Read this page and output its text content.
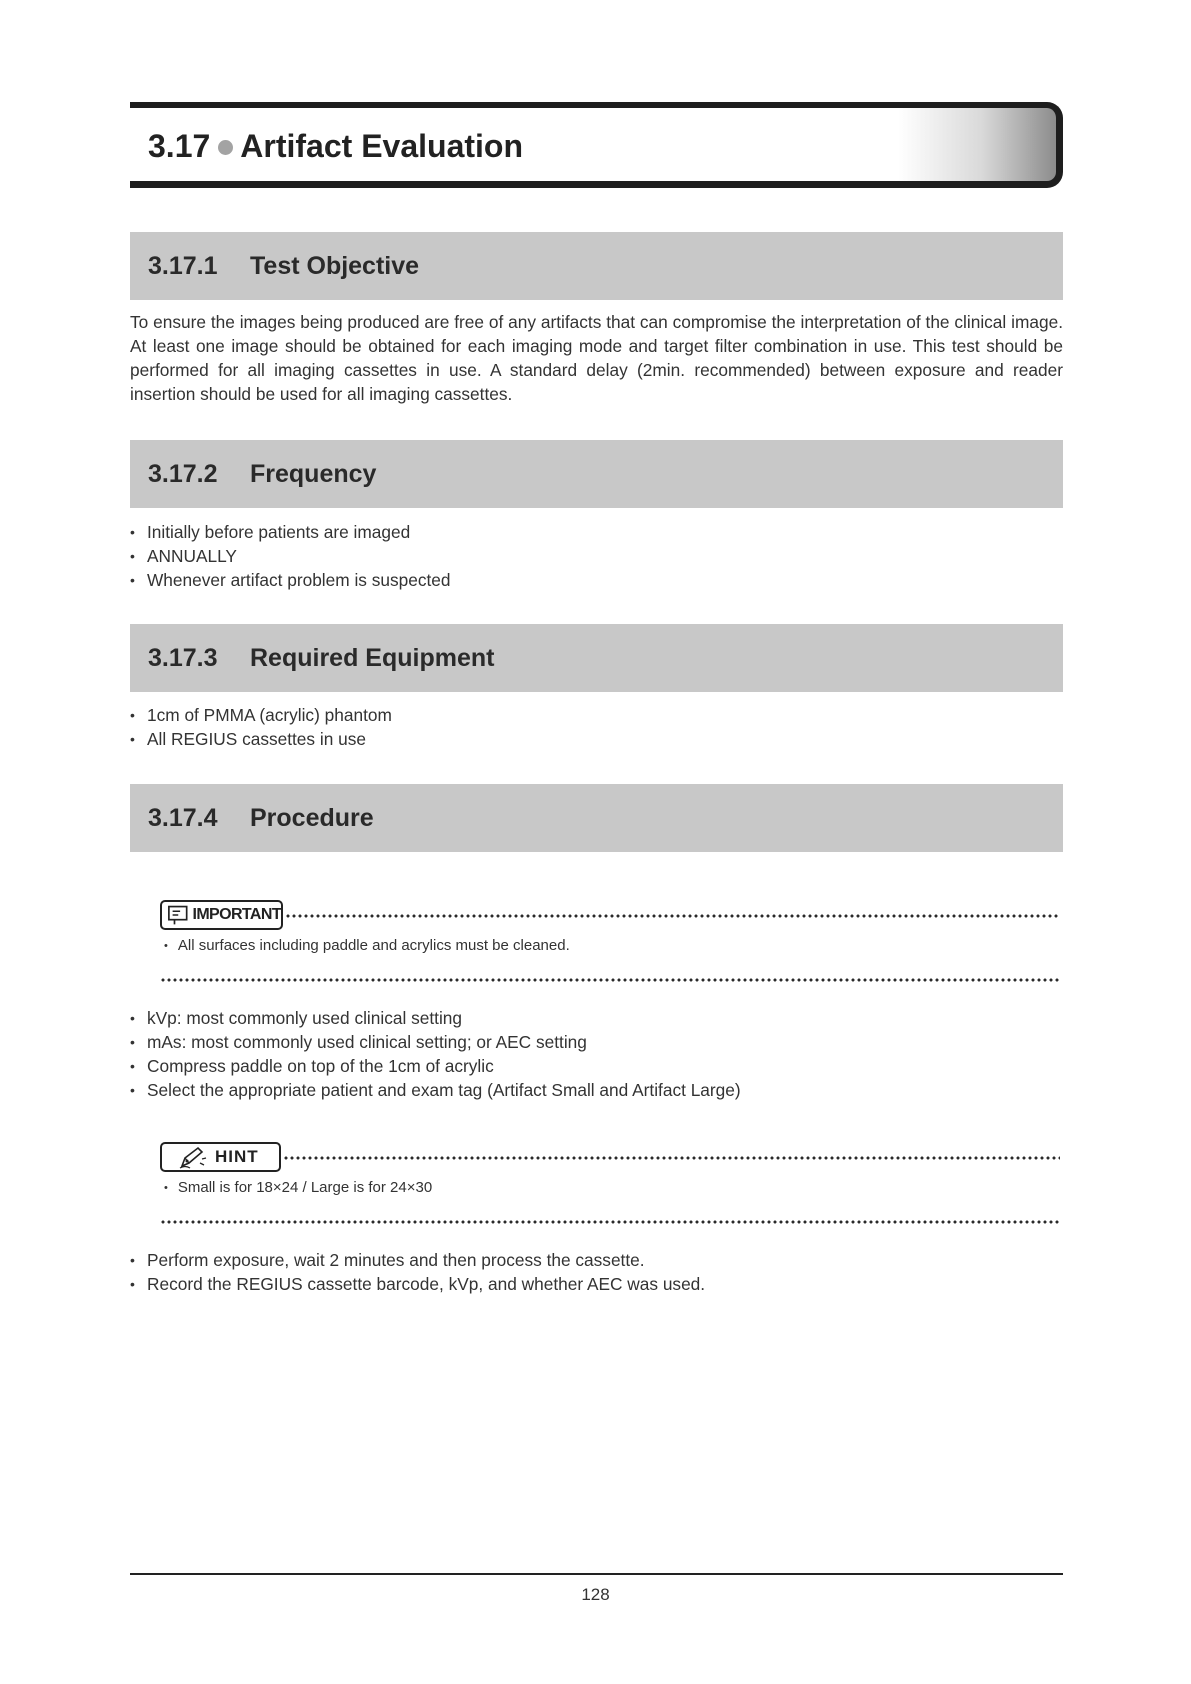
3.17 Artifact Evaluation
3.17.1	Test Objective

To ensure the images being produced are free of any artifacts that can compromise the interpretation of the clinical image. At least one image should be obtained for each imaging mode and target filter combination in use. This test should be performed for all imaging cassettes in use. A standard delay (2min. recommended) between exposure and reader insertion should be used for all imaging cassettes.

3.17.2	Frequency
• Initially before patients are imaged
• ANNUALLY
• Whenever artifact problem is suspected
3.17.3	Required Equipment
• 1cm of PMMA (acrylic) phantom
• All REGIUS cassettes in use
3.17.4	Procedure
IMPORTANT
• All surfaces including paddle and acrylics must be cleaned.
• kVp: most commonly used clinical setting
• mAs: most commonly used clinical setting; or AEC setting
• Compress paddle on top of the 1cm of acrylic
• Select the appropriate patient and exam tag (Artifact Small and Artifact Large)
HINT
• Small is for 18×24 / Large is for 24×30
• Perform exposure, wait 2 minutes and then process the cassette.
• Record the REGIUS cassette barcode, kVp, and whether AEC was used.
128
